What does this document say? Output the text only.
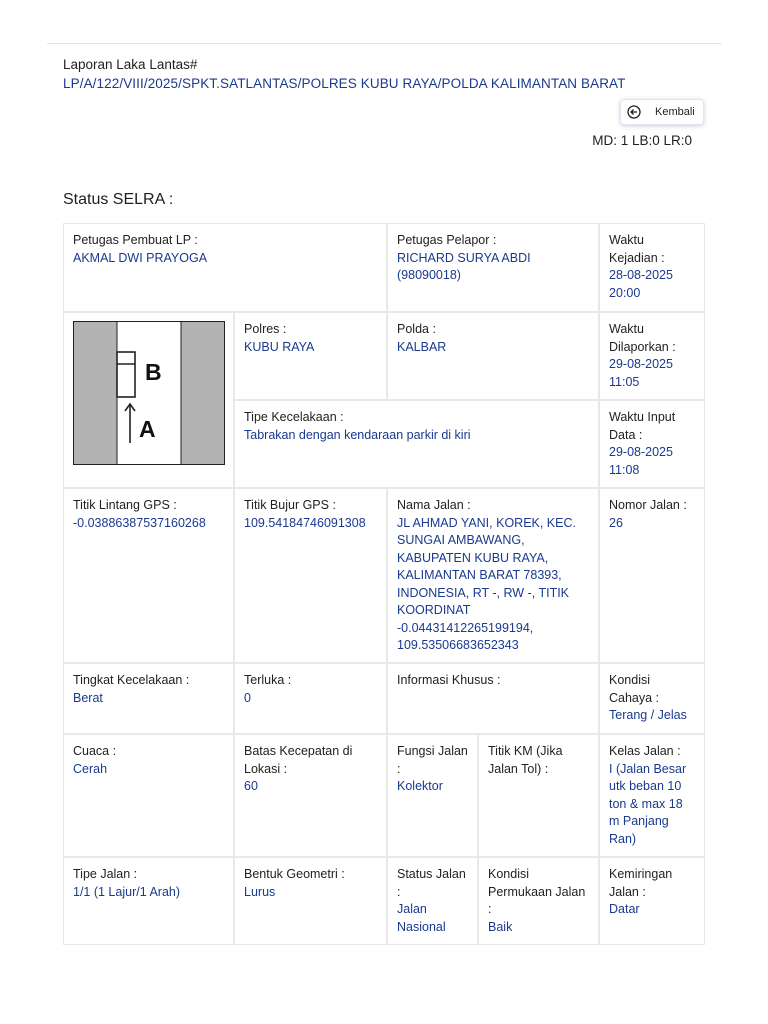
Laporan Laka Lantas#
LP/A/122/VIII/2025/SPKT.SATLANTAS/POLRES KUBU RAYA/POLDA KALIMANTAN BARAT
Kembali
MD: 1 LB:0 LR:0
Status SELRA :
Petugas Pembuat LP :
AKMAL DWI PRAYOGA
Petugas Pelapor :
RICHARD SURYA ABDI (98090018)
Waktu Kejadian :
28-08-2025 20:00
B
A
Polres :
KUBU RAYA
Polda :
KALBAR
Waktu Dilaporkan :
29-08-2025 11:05
Tipe Kecelakaan :
Tabrakan dengan kendaraan parkir di kiri
Waktu Input Data :
29-08-2025 11:08
Titik Lintang GPS :
-0.03886387537160268
Titik Bujur GPS :
109.54184746091308
Nama Jalan :
JL AHMAD YANI, KOREK, KEC. SUNGAI AMBAWANG, KABUPATEN KUBU RAYA, KALIMANTAN BARAT 78393, INDONESIA, RT -, RW -, TITIK KOORDINAT -0.04431412265199194, 109.53506683652343
Nomor Jalan :
26
Tingkat Kecelakaan :
Berat
Terluka :
0
Informasi Khusus :	Kondisi Cahaya :
Terang / Jelas
Cuaca :
Cerah
Batas Kecepatan di Lokasi :
60
Fungsi Jalan :
Kolektor
Titik KM (Jika Jalan Tol) :
Kelas Jalan :
I (Jalan Besar utk beban 10 ton & max 18 m Panjang Ran)
Tipe Jalan :
1/1 (1 Lajur/1 Arah)
Bentuk Geometri :
Lurus
Status Jalan :
Jalan Nasional
Kondisi Permukaan Jalan :
Baik
Kemiringan Jalan :
Datar
